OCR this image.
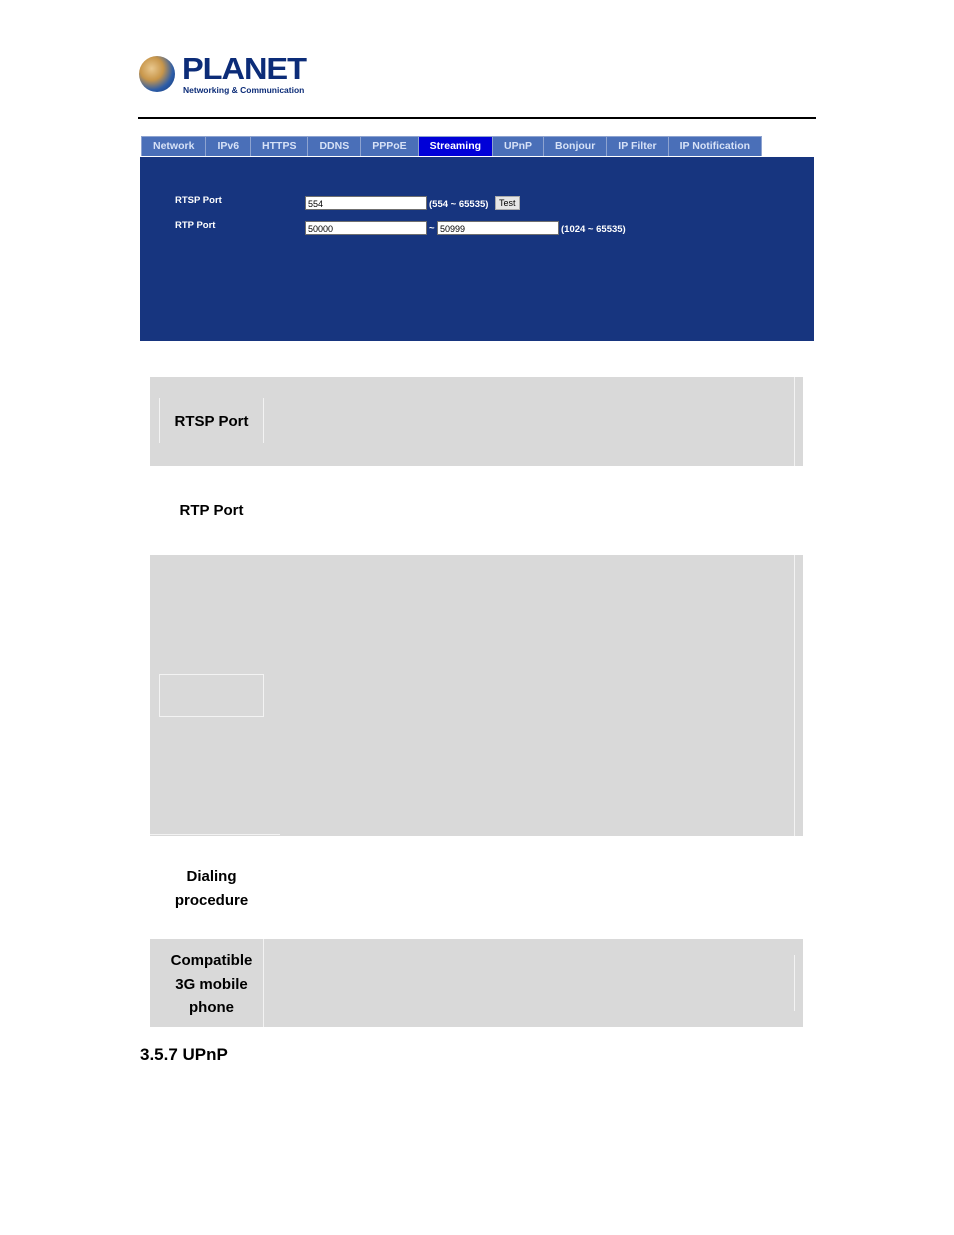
PLANET
Networking & Communication
Network	IPv6	HTTPS	DDNS	PPPoE	Streaming	UPnP	Bonjour	IP Filter	IP Notification
RTSP Port	554	(554 ~ 65535)	Test
RTP Port	50000	~ 50999	(1024 ~ 65535)
RTSP Port
RTP Port
Dialing procedure
Compatible 3G mobile phone
3.5.7 UPnP
